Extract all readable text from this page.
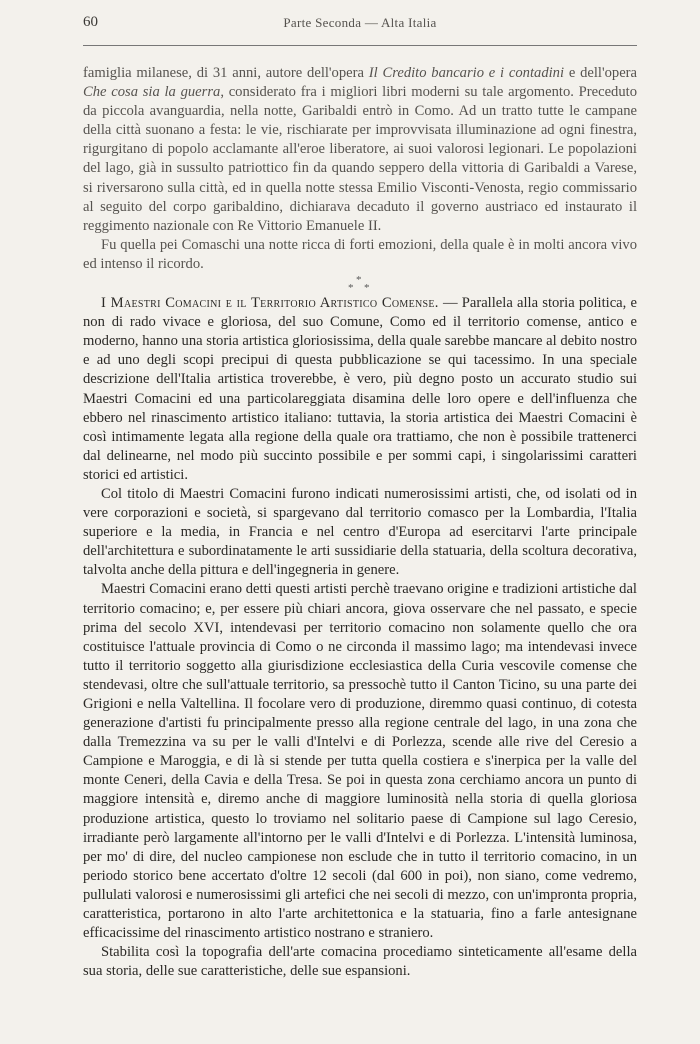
60	Parte Seconda — Alta Italia

famiglia milanese, di 31 anni, autore dell'opera Il Credito bancario e i contadini e dell'opera Che cosa sia la guerra, considerato fra i migliori libri moderni su tale argomento. Preceduto da piccola avanguardia, nella notte, Garibaldi entrò in Como. Ad un tratto tutte le campane della città suonano a festa: le vie, rischiarate per improvvisata illuminazione ad ogni finestra, rigurgitano di popolo acclamante all'eroe liberatore, ai suoi valorosi legionari. Le popolazioni del lago, già in sussulto patriottico fin da quando seppero della vittoria di Garibaldi a Varese, si riversarono sulla città, ed in quella notte stessa Emilio Visconti-Venosta, regio commissario al seguito del corpo garibaldino, dichiarava decaduto il governo austriaco ed instaurato il reggimento nazionale con Re Vittorio Emanuele II.

Fu quella pei Comaschi una notte ricca di forti emozioni, della quale è in molti ancora vivo ed intenso il ricordo.

*
* *

I Maestri Comacini e il Territorio Artistico Comense. — Parallela alla storia politica, e non di rado vivace e gloriosa, del suo Comune, Como ed il territorio comense, antico e moderno, hanno una storia artistica gloriosissima, della quale sarebbe mancare al debito nostro e ad uno degli scopi precipui di questa pubblicazione se qui tacessimo. In una speciale descrizione dell'Italia artistica troverebbe, è vero, più degno posto un accurato studio sui Maestri Comacini ed una particolareggiata disamina delle loro opere e dell'influenza che ebbero nel rinascimento artistico italiano: tuttavia, la storia artistica dei Maestri Comacini è così intimamente legata alla regione della quale ora trattiamo, che non è possibile trattenerci dal delinearne, nel modo più succinto possibile e per sommi capi, i singolarissimi caratteri storici ed artistici.

Col titolo di Maestri Comacini furono indicati numerosissimi artisti, che, od isolati od in vere corporazioni e società, si spargevano dal territorio comasco per la Lombardia, l'Italia superiore e la media, in Francia e nel centro d'Europa ad esercitarvi l'arte principale dell'architettura e subordinatamente le arti sussidiarie della statuaria, della scoltura decorativa, talvolta anche della pittura e dell'ingegneria in genere.

Maestri Comacini erano detti questi artisti perchè traevano origine e tradizioni artistiche dal territorio comacino; e, per essere più chiari ancora, giova osservare che nel passato, e specie prima del secolo XVI, intendevasi per territorio comacino non solamente quello che ora costituisce l'attuale provincia di Como o ne circonda il massimo lago; ma intendevasi invece tutto il territorio soggetto alla giurisdizione ecclesiastica della Curia vescovile comense che stendevasi, oltre che sull'attuale territorio, sa pressochè tutto il Canton Ticino, su una parte dei Grigioni e nella Valtellina. Il focolare vero di produzione, diremmo quasi continuo, di cotesta generazione d'artisti fu principalmente presso alla regione centrale del lago, in una zona che dalla Tremezzina va su per le valli d'Intelvi e di Porlezza, scende alle rive del Ceresio a Campione e Maroggia, e di là si stende per tutta quella costiera e s'inerpica per la valle del monte Ceneri, della Cavia e della Tresa. Se poi in questa zona cerchiamo ancora un punto di maggiore intensità e, diremo anche di maggiore luminosità nella storia di quella gloriosa produzione artistica, questo lo troviamo nel solitario paese di Campione sul lago Ceresio, irradiante però largamente all'intorno per le valli d'Intelvi e di Porlezza. L'intensità luminosa, per mo' di dire, del nucleo campionese non esclude che in tutto il territorio comacino, in un periodo storico bene accertato d'oltre 12 secoli (dal 600 in poi), non siano, come vedremo, pullulati valorosi e numerosissimi gli artefici che nei secoli di mezzo, con un'impronta propria, caratteristica, portarono in alto l'arte architettonica e la statuaria, fino a farle antesignane efficacissime del rinascimento artistico nostrano e straniero.

Stabilita così la topografia dell'arte comacina procediamo sinteticamente all'esame della sua storia, delle sue caratteristiche, delle sue espansioni.
